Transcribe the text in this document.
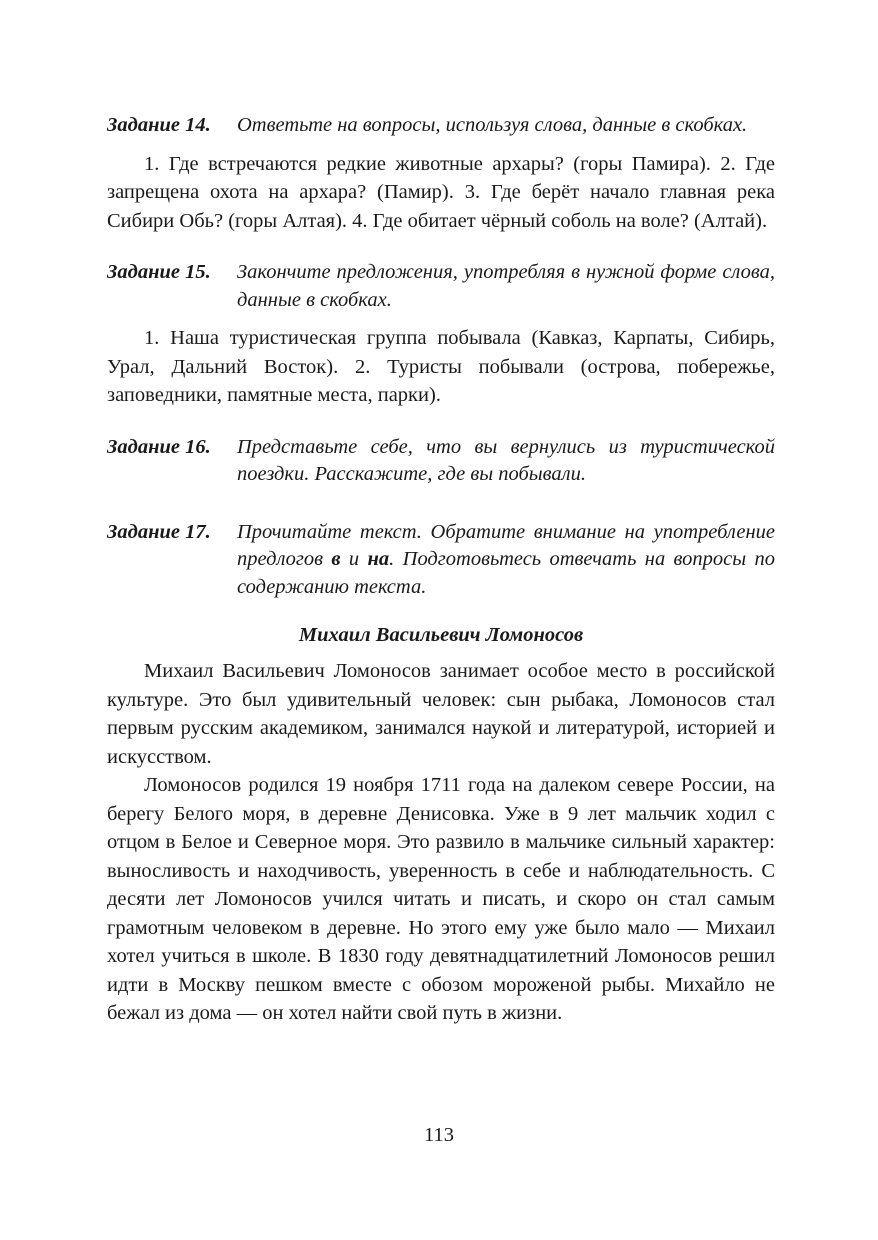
Задание 14.	Ответьте на вопросы, используя слова, данные в скобках.

1. Где встречаются редкие животные архары? (горы Памира). 2. Где запрещена охота на архара? (Памир). 3. Где берёт начало главная река Сибири Обь? (горы Алтая). 4. Где обитает чёрный соболь на воле? (Алтай).

Задание 15.	Закончите предложения, употребляя в нужной форме слова, данные в скобках.

1. Наша туристическая группа побывала (Кавказ, Карпаты, Сибирь, Урал, Дальний Восток). 2. Туристы побывали (острова, побережье, заповедники, памятные места, парки).

Задание 16.	Представьте себе, что вы вернулись из туристической поездки. Расскажите, где вы побывали.
Задание 17.	Прочитайте текст. Обратите внимание на употребление предлогов в и на. Подготовьтесь отвечать на вопросы по содержанию текста.
Михаил Васильевич Ломоносов

Михаил Васильевич Ломоносов занимает особое место в российской культуре. Это был удивительный человек: сын рыбака, Ломоносов стал первым русским академиком, занимался наукой и литературой, историей и искусством.

Ломоносов родился 19 ноября 1711 года на далеком севере России, на берегу Белого моря, в деревне Денисовка. Уже в 9 лет мальчик ходил с отцом в Белое и Северное моря. Это развило в мальчике сильный характер: выносливость и находчивость, уверенность в себе и наблюдательность. С десяти лет Ломоносов учился читать и писать, и скоро он стал самым грамотным человеком в деревне. Но этого ему уже было мало — Михаил хотел учиться в школе. В 1830 году девятнадцатилетний Ломоносов решил идти в Москву пешком вместе с обозом мороженой рыбы. Михайло не бежал из дома — он хотел найти свой путь в жизни.

113
